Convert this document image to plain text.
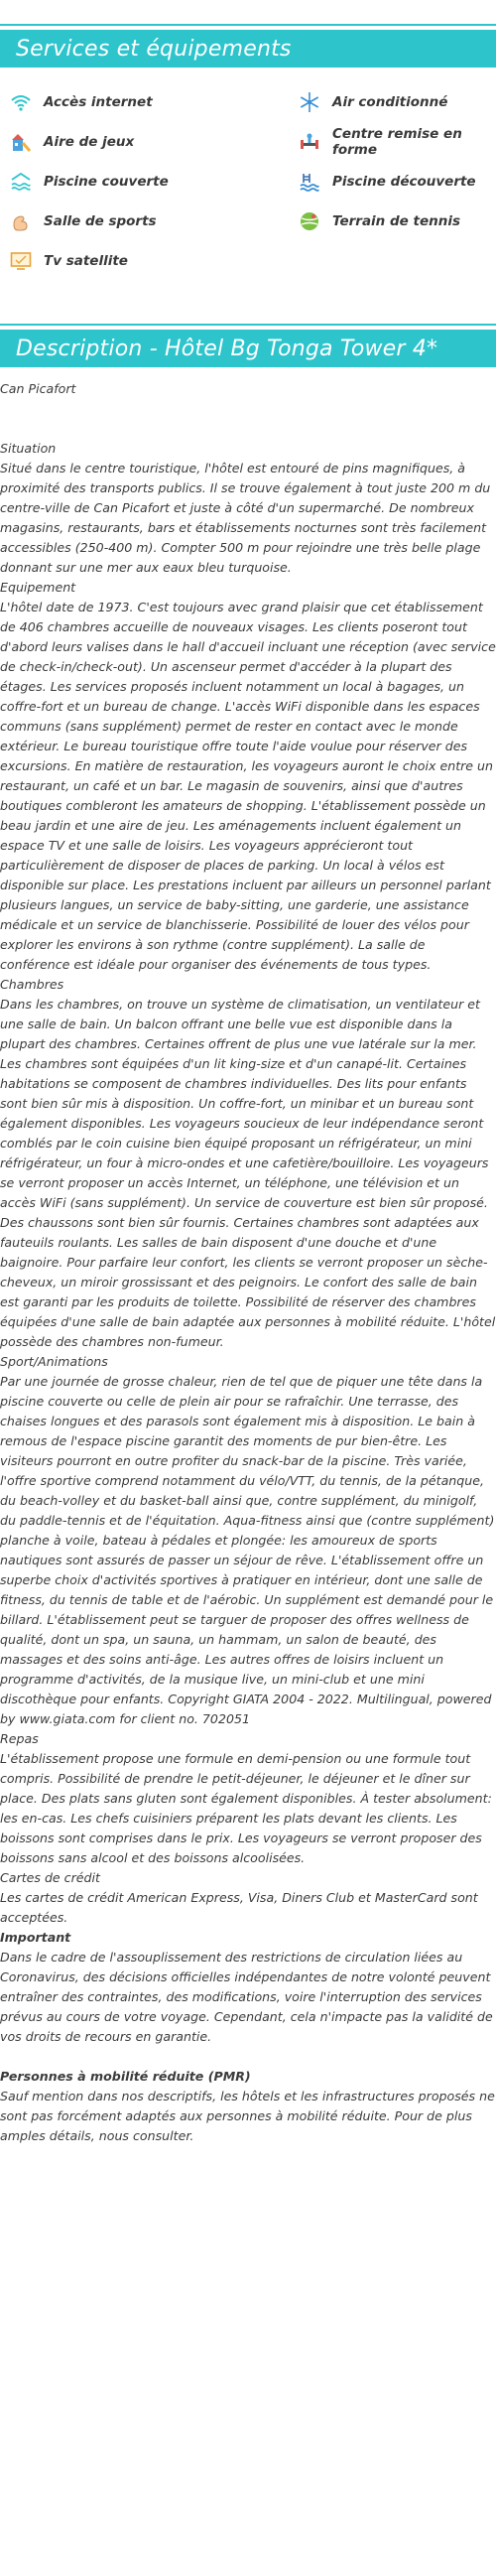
Services et équipements
Accès internet	Air conditionné
Aire de jeux	Centre remise en forme
Piscine couverte	Piscine découverte
Salle de sports	Terrain de tennis
Tv satellite
Description - Hôtel Bg Tonga Tower 4*

Can Picafort

Situation

Situé dans le centre touristique, l'hôtel est entouré de pins magnifiques, à proximité des transports publics. Il se trouve également à tout juste 200 m du centre-ville de Can Picafort et juste à côté d'un supermarché. De nombreux magasins, restaurants, bars et établissements nocturnes sont très facilement accessibles (250-400 m). Compter 500 m pour rejoindre une très belle plage donnant sur une mer aux eaux bleu turquoise.

Equipement

L'hôtel date de 1973. C'est toujours avec grand plaisir que cet établissement de 406 chambres accueille de nouveaux visages. Les clients poseront tout d'abord leurs valises dans le hall d'accueil incluant une réception (avec service de check-in/check-out). Un ascenseur permet d'accéder à la plupart des étages. Les services proposés incluent notamment un local à bagages, un coffre-fort et un bureau de change. L'accès WiFi disponible dans les espaces communs (sans supplément) permet de rester en contact avec le monde extérieur. Le bureau touristique offre toute l'aide voulue pour réserver des excursions. En matière de restauration, les voyageurs auront le choix entre un restaurant, un café et un bar. Le magasin de souvenirs, ainsi que d'autres boutiques combleront les amateurs de shopping. L'établissement possède un beau jardin et une aire de jeu. Les aménagements incluent également un espace TV et une salle de loisirs. Les voyageurs apprécieront tout particulièrement de disposer de places de parking. Un local à vélos est disponible sur place. Les prestations incluent par ailleurs un personnel parlant plusieurs langues, un service de baby-sitting, une garderie, une assistance médicale et un service de blanchisserie. Possibilité de louer des vélos pour explorer les environs à son rythme (contre supplément). La salle de conférence est idéale pour organiser des événements de tous types.

Chambres

Dans les chambres, on trouve un système de climatisation, un ventilateur et une salle de bain. Un balcon offrant une belle vue est disponible dans la plupart des chambres. Certaines offrent de plus une vue latérale sur la mer. Les chambres sont équipées d'un lit king-size et d'un canapé-lit. Certaines habitations se composent de chambres individuelles. Des lits pour enfants sont bien sûr mis à disposition. Un coffre-fort, un minibar et un bureau sont également disponibles. Les voyageurs soucieux de leur indépendance seront comblés par le coin cuisine bien équipé proposant un réfrigérateur, un mini réfrigérateur, un four à micro-ondes et une cafetière/bouilloire. Les voyageurs se verront proposer un accès Internet, un téléphone, une télévision et un accès WiFi (sans supplément). Un service de couverture est bien sûr proposé. Des chaussons sont bien sûr fournis. Certaines chambres sont adaptées aux fauteuils roulants. Les salles de bain disposent d'une douche et d'une baignoire. Pour parfaire leur confort, les clients se verront proposer un sèche-cheveux, un miroir grossissant et des peignoirs. Le confort des salle de bain est garanti par les produits de toilette. Possibilité de réserver des chambres équipées d'une salle de bain adaptée aux personnes à mobilité réduite. L'hôtel possède des chambres non-fumeur.

Sport/Animations

Par une journée de grosse chaleur, rien de tel que de piquer une tête dans la piscine couverte ou celle de plein air pour se rafraîchir. Une terrasse, des chaises longues et des parasols sont également mis à disposition. Le bain à remous de l'espace piscine garantit des moments de pur bien-être. Les visiteurs pourront en outre profiter du snack-bar de la piscine. Très variée, l'offre sportive comprend notamment du vélo/VTT, du tennis, de la pétanque, du beach-volley et du basket-ball ainsi que, contre supplément, du minigolf, du paddle-tennis et de l'équitation. Aqua-fitness ainsi que (contre supplément) planche à voile, bateau à pédales et plongée: les amoureux de sports nautiques sont assurés de passer un séjour de rêve. L'établissement offre un superbe choix d'activités sportives à pratiquer en intérieur, dont une salle de fitness, du tennis de table et de l'aérobic. Un supplément est demandé pour le billard. L'établissement peut se targuer de proposer des offres wellness de qualité, dont un spa, un sauna, un hammam, un salon de beauté, des massages et des soins anti-âge. Les autres offres de loisirs incluent un programme d'activités, de la musique live, un mini-club et une mini discothèque pour enfants. Copyright GIATA 2004 - 2022. Multilingual, powered by www.giata.com for client no. 702051

Repas

L'établissement propose une formule en demi-pension ou une formule tout compris. Possibilité de prendre le petit-déjeuner, le déjeuner et le dîner sur place. Des plats sans gluten sont également disponibles. À tester absolument: les en-cas. Les chefs cuisiniers préparent les plats devant les clients. Les boissons sont comprises dans le prix. Les voyageurs se verront proposer des boissons sans alcool et des boissons alcoolisées.

Cartes de crédit

Les cartes de crédit American Express, Visa, Diners Club et MasterCard sont acceptées.

Important

Dans le cadre de l'assouplissement des restrictions de circulation liées au Coronavirus, des décisions officielles indépendantes de notre volonté peuvent entraîner des contraintes, des modifications, voire l'interruption des services prévus au cours de votre voyage. Cependant, cela n'impacte pas la validité de vos droits de recours en garantie.

Personnes à mobilité réduite (PMR)

Sauf mention dans nos descriptifs, les hôtels et les infrastructures proposés ne sont pas forcément adaptés aux personnes à mobilité réduite. Pour de plus amples détails, nous consulter.
